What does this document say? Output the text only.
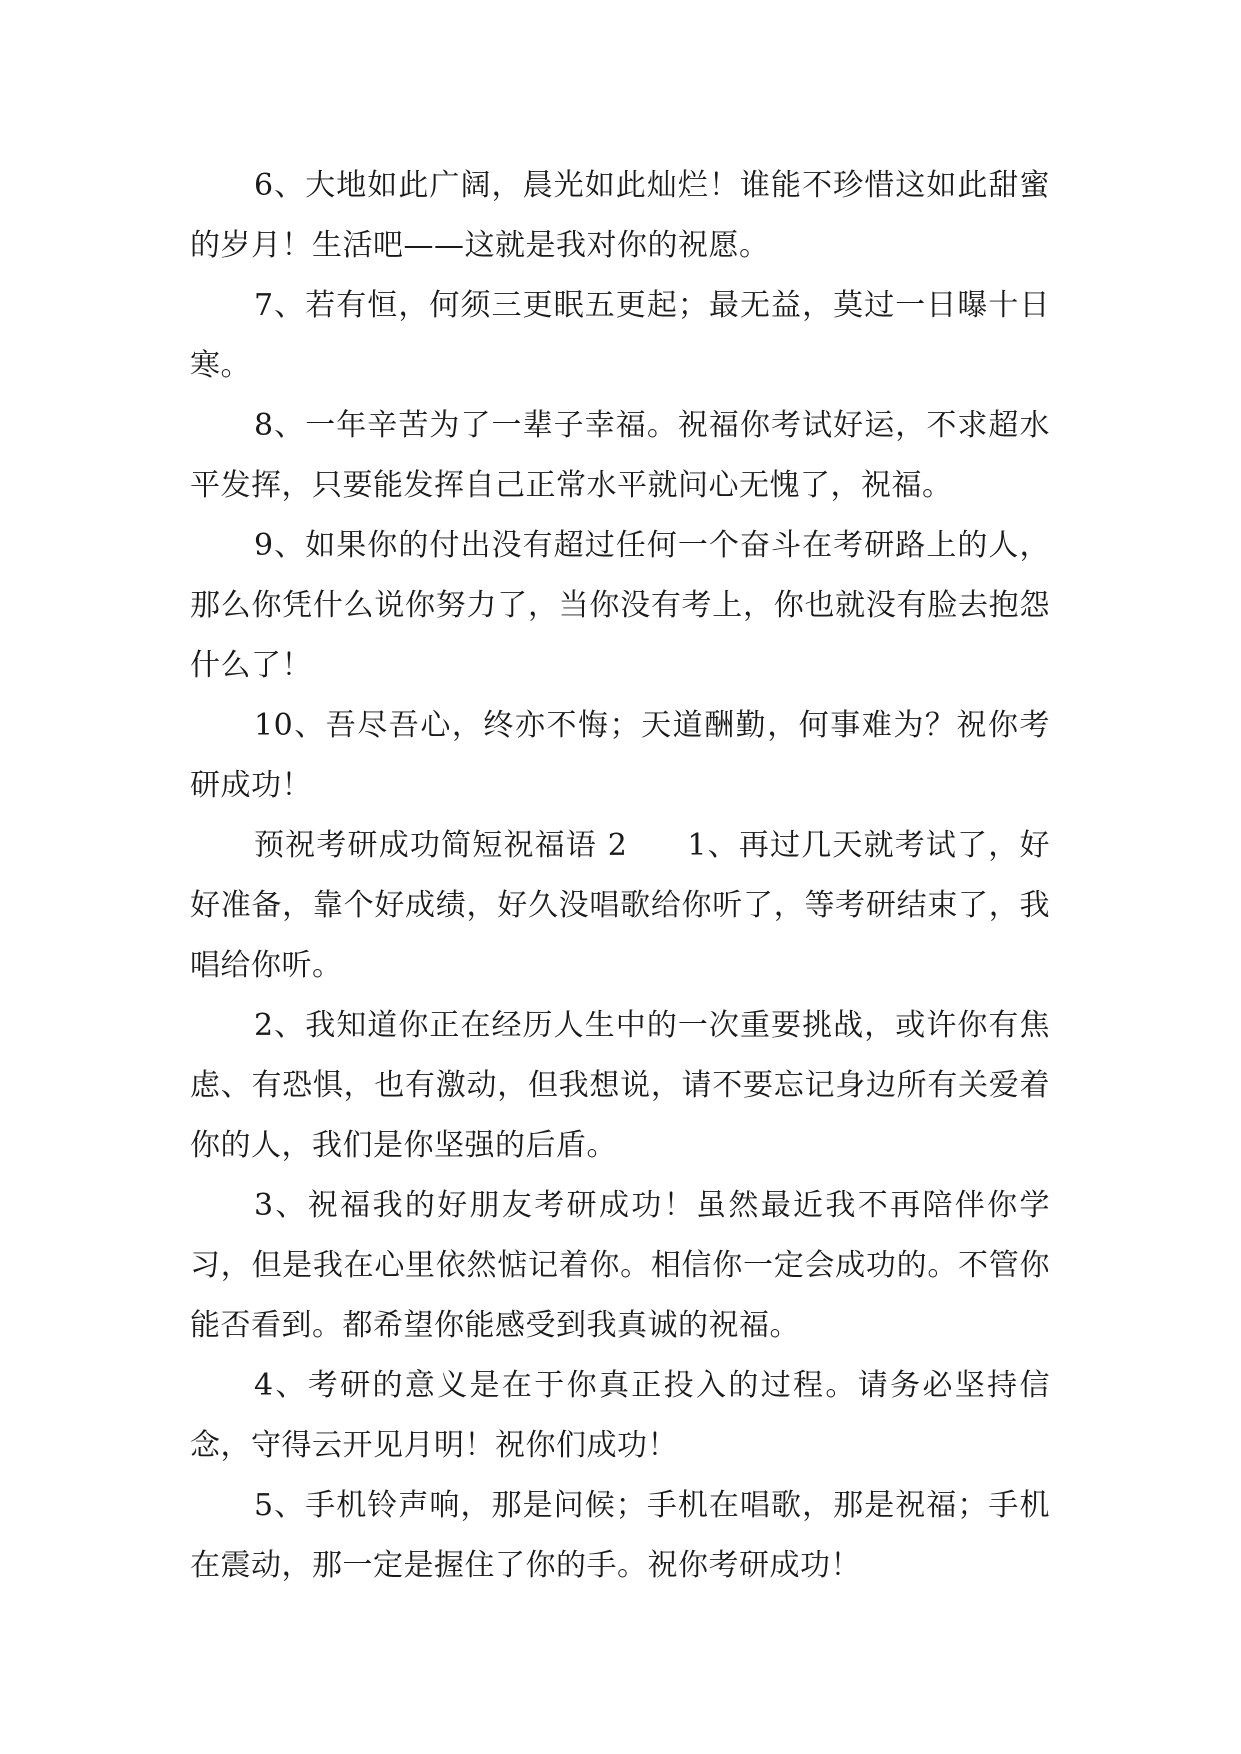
6、大地如此广阔，晨光如此灿烂！谁能不珍惜这如此甜蜜的岁月！生活吧——这就是我对你的祝愿。

7、若有恒，何须三更眠五更起；最无益，莫过一日曝十日寒。

8、一年辛苦为了一辈子幸福。祝福你考试好运，不求超水平发挥，只要能发挥自己正常水平就问心无愧了，祝福。

9、如果你的付出没有超过任何一个奋斗在考研路上的人，那么你凭什么说你努力了，当你没有考上，你也就没有脸去抱怨什么了！

10、吾尽吾心，终亦不悔；天道酬勤，何事难为？祝你考研成功！

预祝考研成功简短祝福语 2 1、再过几天就考试了，好好准备，靠个好成绩，好久没唱歌给你听了，等考研结束了，我唱给你听。

2、我知道你正在经历人生中的一次重要挑战，或许你有焦虑、有恐惧，也有激动，但我想说，请不要忘记身边所有关爱着你的人，我们是你坚强的后盾。

3、祝福我的好朋友考研成功！虽然最近我不再陪伴你学习，但是我在心里依然惦记着你。相信你一定会成功的。不管你能否看到。都希望你能感受到我真诚的祝福。

4、考研的意义是在于你真正投入的过程。请务必坚持信念，守得云开见月明！祝你们成功！

5、手机铃声响，那是问候；手机在唱歌，那是祝福；手机在震动，那一定是握住了你的手。祝你考研成功！
